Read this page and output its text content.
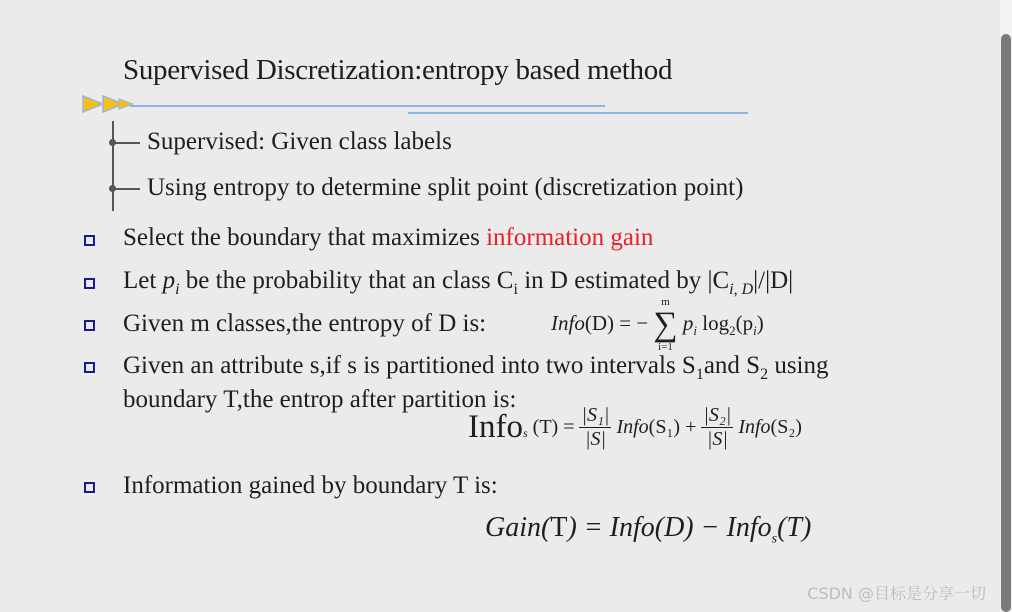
Supervised Discretization:entropy based method
Supervised: Given class labels
Using entropy to determine split point (discretization point)
Select the boundary that maximizes information gain
Let $p_i$ be the probability that an class $C_i$ in D estimated by $|C_{i, D}|/|D|$
Given m classes,the entropy of D is:	Info(D) = −
m
∑
i=1
$p_i$ $\log_2(p_i)$
Given an attribute s,if s is partitioned into two intervals $S_1and$ $S_2$ using
boundary T,the entrop after partition is:
Info$_s$ $(T) = \frac{\text{|S₁|}}{|S|}$ Info(S₁) + $\frac{\text{|S₂|}}{|S|}$ Info(S₂)
Information gained by boundary T is:
Gain(T) = Info(D) − Info$_s$(T)
CSDN @目标是分享一切
